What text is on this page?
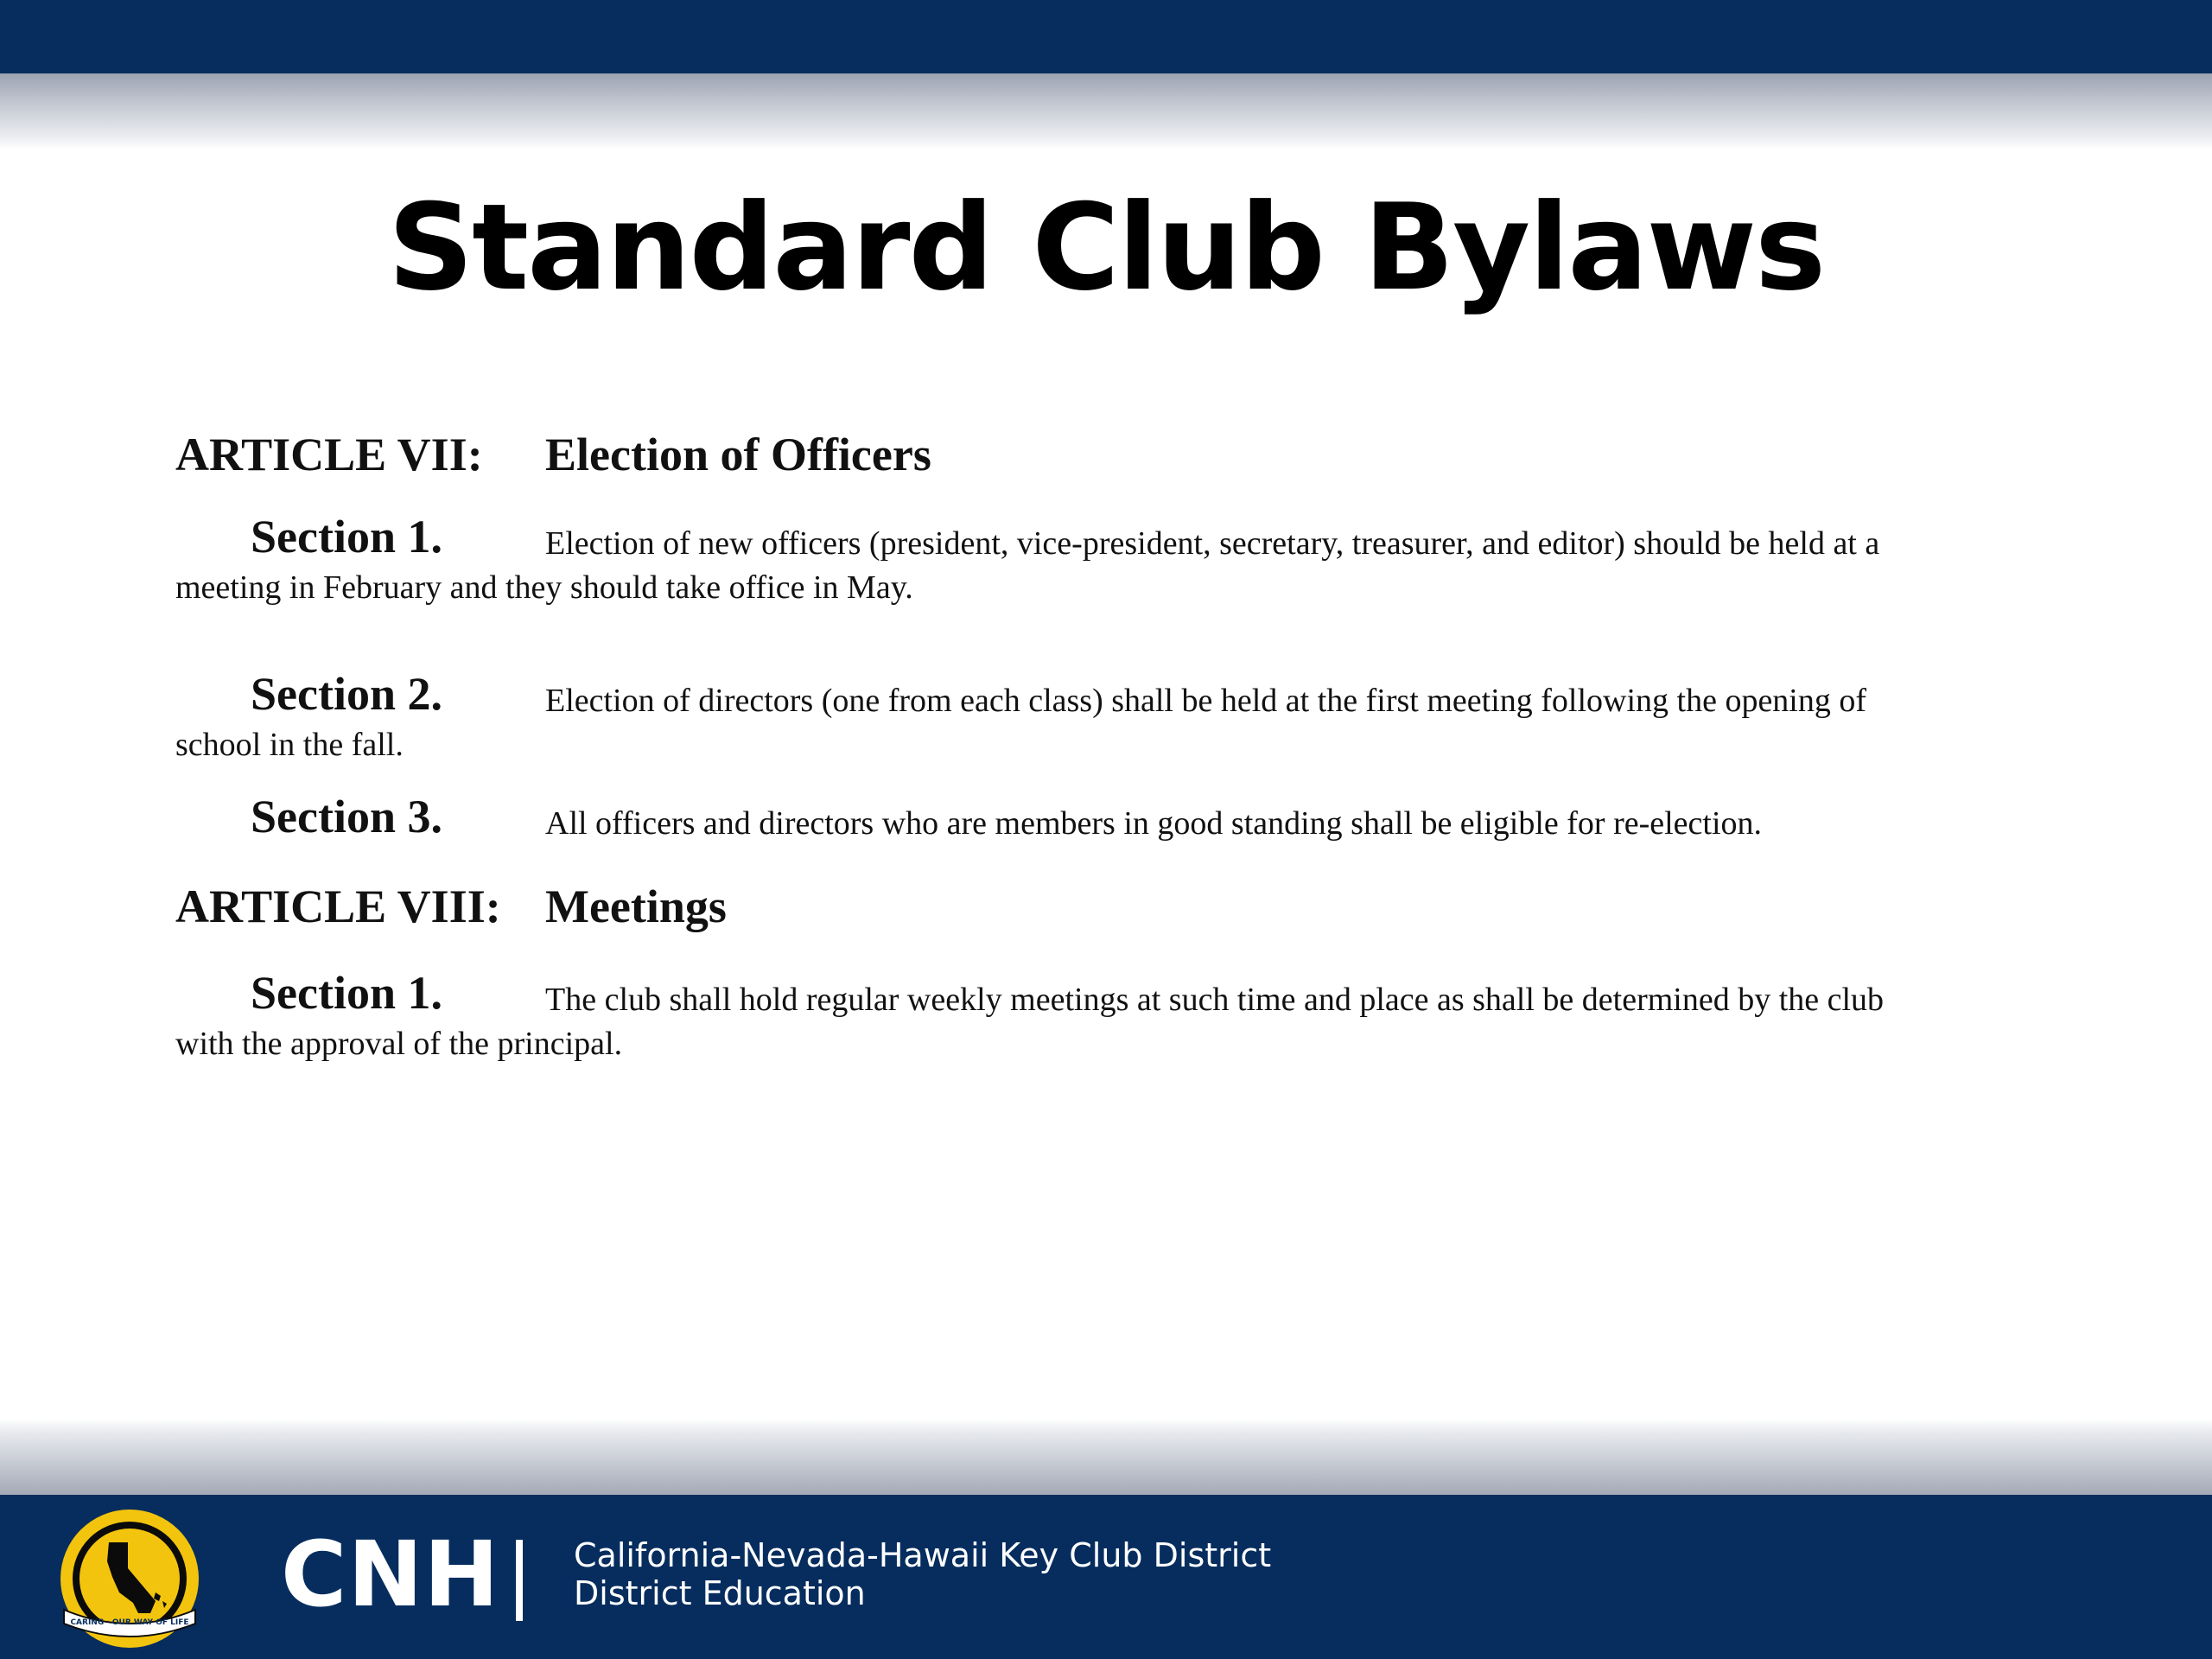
Standard Club Bylaws
ARTICLE VII: Election of Officers
Section 1.	Election of new officers (president, vice-president, secretary, treasurer, and editor) should be held at a
meeting in February and they should take office in May.
Section 2.	Election of directors (one from each class) shall be held at the first meeting following the opening of
school in the fall.
Section 3.	All officers and directors who are members in good standing shall be eligible for re-election.
ARTICLE VIII: Meetings
Section 1.	The club shall hold regular weekly meetings at such time and place as shall be determined by the club
with the approval of the principal.
CARING · OUR WAY OF LIFE CNH California-Nevada-Hawaii Key Club District
District Education
